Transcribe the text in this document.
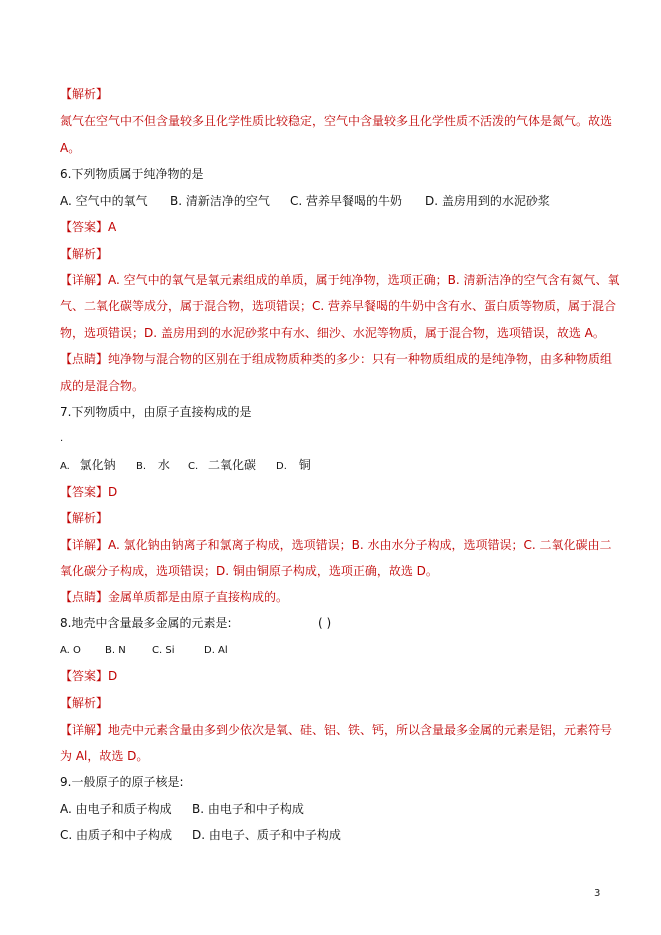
【解析】
氮气在空气中不但含量较多且化学性质比较稳定，空气中含量较多且化学性质不活泼的气体是氮气。故选
A。
6.下列物质属于纯净物的是
A. 空气中的氧气 B. 清新洁净的空气 C. 营养早餐喝的牛奶 D. 盖房用到的水泥砂浆
【答案】A
【解析】
【详解】A. 空气中的氧气是氧元素组成的单质，属于纯净物，选项正确；B. 清新洁净的空气含有氮气、氧
气、二氧化碳等成分，属于混合物，选项错误；C. 营养早餐喝的牛奶中含有水、蛋白质等物质，属于混合
物，选项错误；D. 盖房用到的水泥砂浆中有水、细沙、水泥等物质，属于混合物，选项错误，故选 A。
【点睛】纯净物与混合物的区别在于组成物质种类的多少：只有一种物质组成的是纯净物，由多种物质组
成的是混合物。
7.下列物质中，由原子直接构成的是
.
A. 氯化钠 B. 水 C. 二氧化碳 D. 铜
【答案】D
【解析】
【详解】A. 氯化钠由钠离子和氯离子构成，选项错误；B. 水由水分子构成，选项错误；C. 二氧化碳由二
氧化碳分子构成，选项错误；D. 铜由铜原子构成，选项正确，故选 D。
【点睛】金属单质都是由原子直接构成的。
8.地壳中含量最多金属的元素是:	( )
A. O B. N	C. Si	D. Al
【答案】D
【解析】
【详解】地壳中元素含量由多到少依次是氧、硅、铝、铁、钙，所以含量最多金属的元素是铝，元素符号
为 Al，故选 D。
9.一般原子的原子核是:
A. 由电子和质子构成 B. 由电子和中子构成
C. 由质子和中子构成 D. 由电子、质子和中子构成
3
